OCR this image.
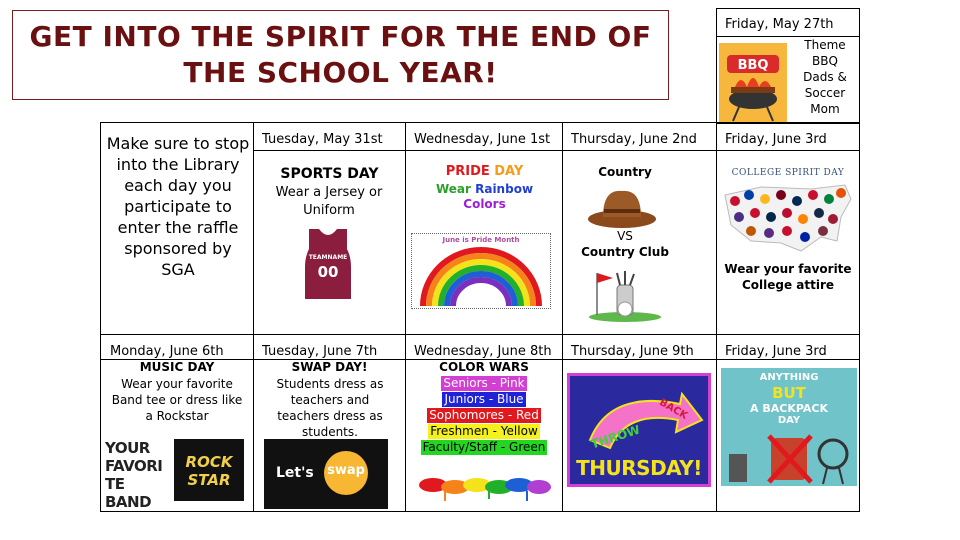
GET INTO THE SPIRIT FOR THE END OF THE SCHOOL YEAR!
Friday, May 27th
BBQ
Theme
BBQ
Dads &
Soccer
Mom
Make sure to stop into the Library each day you participate to enter the raffle sponsored by SGA
Tuesday, May 31st Wednesday, June 1st Thursday, June 2nd Friday, June 3rd
SPORTS DAY
Wear a Jersey or Uniform
TEAMNAME
00
PRIDE DAY
Wear Rainbow
Colors
June is Pride Month
Country
VS
Country Club
COLLEGE SPIRIT DAY
Wear your favorite College attire
Monday, June 6th	Tuesday, June 7th	Wednesday, June 8th Thursday, June 9th Friday, June 3rd
MUSIC DAY
Wear your favorite Band tee or dress like a Rockstar
YOUR FAVORITE BAND
ROCK STAR
SWAP DAY!
Students dress as teachers and teachers dress as students.
Let's swap
COLOR WARS
Seniors - Pink
Juniors - Blue
Sophomores - Red
Freshmen - Yellow
Faculty/Staff - Green	THROW
BACK
THURSDAY!
ANYTHING
BUT
A BACKPACK
DAY
